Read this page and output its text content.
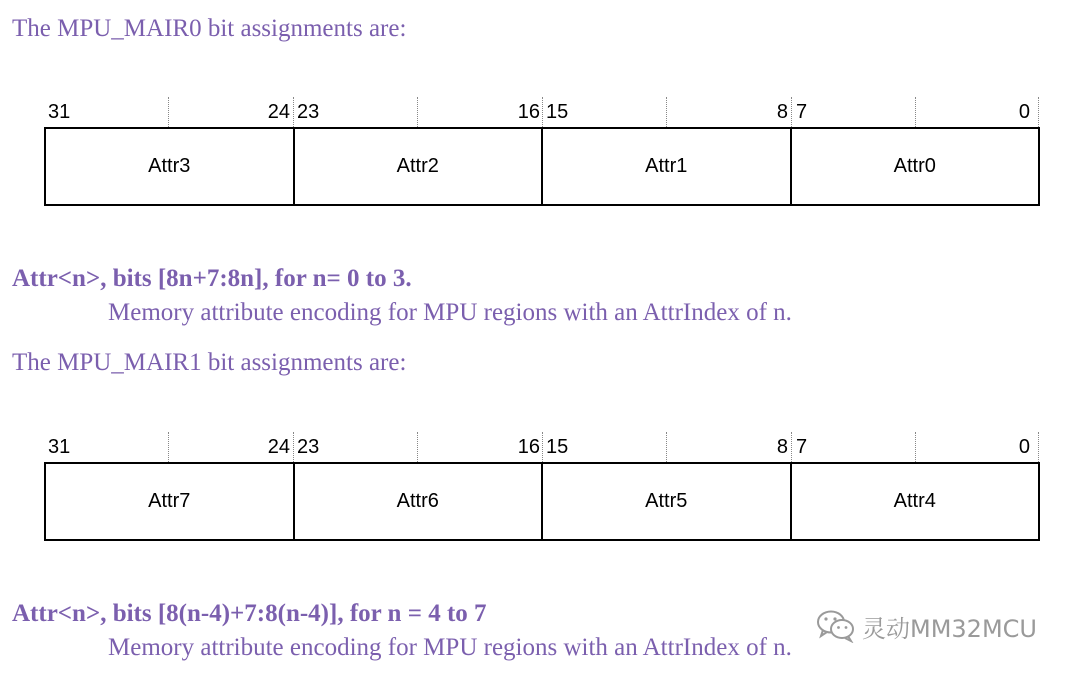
The MPU_MAIR0 bit assignments are:
31	24 23	16 15	8 7	0
Attr3	Attr2	Attr1	Attr0
Attr<n>, bits [8n+7:8n], for n= 0 to 3.
Memory attribute encoding for MPU regions with an AttrIndex of n.
The MPU_MAIR1 bit assignments are:
31	24 23	16 15	8 7	0
Attr7	Attr6	Attr5	Attr4
Attr<n>, bits [8(n-4)+7:8(n-4)], for n = 4 to 7
Memory attribute encoding for MPU regions with an AttrIndex of n.
灵动MM32MCU
